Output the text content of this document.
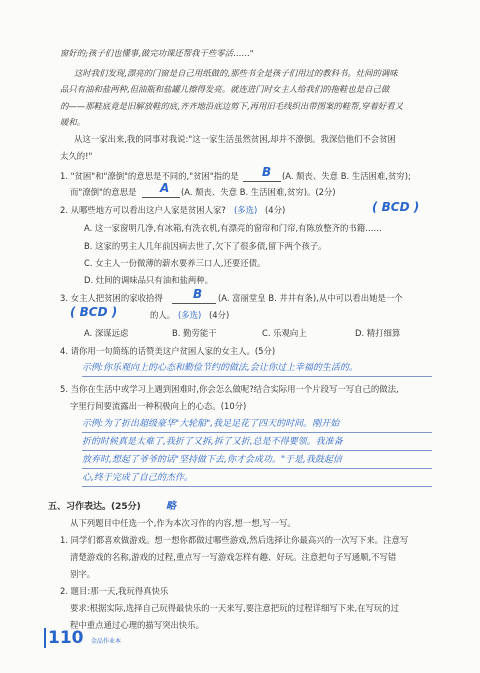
窗好的;孩子们也懂事,做完功课还帮我干些零活……"
这时我们发现,漂亮的门窗是自己用纸做的,那些书全是孩子们用过的教科书。灶间的调味
品只有油和盐两种,但油瓶和盐罐儿擦得发亮。就连进门时女主人给我们的拖鞋也是自己做
的——那鞋底竟是旧解放鞋的底,齐齐地沿底边剪下,再用旧毛线织出带图案的鞋帮,穿着好看又
暖和。
从这一家出来,我的同事对我说:"这一家生活虽然贫困,却并不潦倒。我深信他们不会贫困
太久的!"
1. "贫困"和"潦倒"的意思是不同的,"贫困"指的是 B (A. 颓丧、失意 B. 生活困难,贫穷);
而"潦倒"的意思是 A (A. 颓丧、失意 B. 生活困难,贫穷)。(2分)
2. 从哪些地方可以看出这户人家是贫困人家? (多选) (4分)	( BCD )
A. 这一家窗明几净,有冰箱,有洗衣机,有漂亮的窗帘和门帘,有陈放整齐的书籍……
B. 这家的男主人几年前因病去世了,欠下了很多债,留下两个孩子。
C. 女主人一份微薄的薪水要养三口人,还要还债。
D. 灶间的调味品只有油和盐两种。
3. 女主人把贫困的家收拾得	B (A. 富丽堂皇 B. 井井有条),从中可以看出她是一个
( BCD )	的人。 (多选) (4分)
A. 深谋远虑	B. 勤劳能干	C. 乐观向上	D. 精打细算
4. 请你用一句简练的话赞美这户贫困人家的女主人。(5分)
示例:你乐观向上的心态和勤俭节约的做法,会让你过上幸福的生活的。
5. 当你在生活中或学习上遇到困难时,你会怎么做呢?结合实际用一个片段写一写自己的做法,
字里行间要流露出一种积极向上的心态。(10分)
示例:为了折出超级豪华"大轮船",我足足花了四天的时间。刚开始
折的时候真是太难了,我折了又拆,拆了又折,总是不得要领。我准备
放弃时,想起了爷爷的话"坚持做下去,你才会成功。"于是,我鼓起信
心,终于完成了自己的杰作。
五、习作表达。(25分)	略
从下列题目中任选一个,作为本次习作的内容,想一想,写一写。
1. 同学们都喜欢做游戏。想一想你都做过哪些游戏,然后选择让你最高兴的一次写下来。注意写
清楚游戏的名称,游戏的过程,重点写一写游戏怎样有趣、好玩。注意把句子写通顺,不写错
别字。
2. 题目:那一天,我玩得真快乐
要求:根据实际,选择自己玩得最快乐的一天来写,要注意把玩的过程详细写下来,在写玩的过
程中重点通过心理的描写突出快乐。
110 金品作业本
